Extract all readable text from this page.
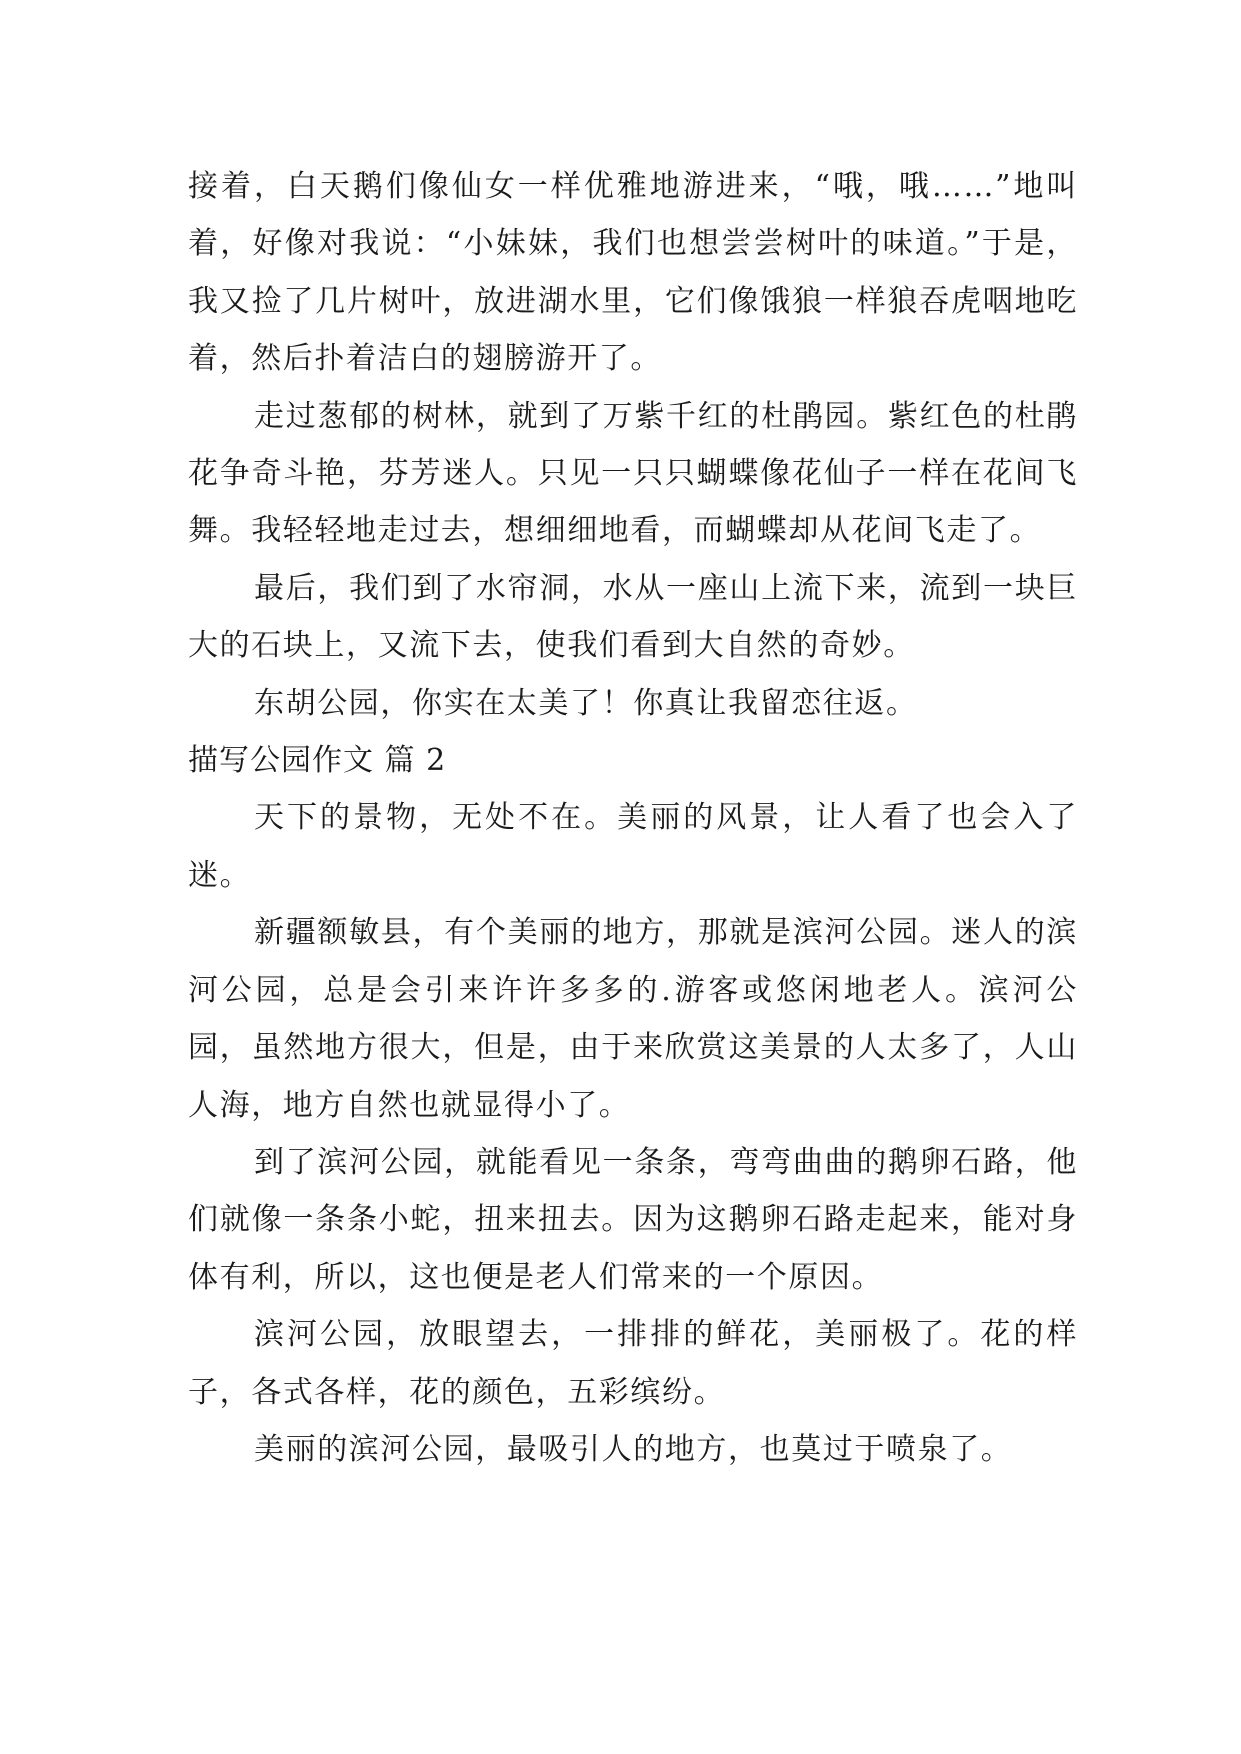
接着，白天鹅们像仙女一样优雅地游进来，“哦，哦……”地叫着，好像对我说：“小妹妹，我们也想尝尝树叶的味道。”于是，我又捡了几片树叶，放进湖水里，它们像饿狼一样狼吞虎咽地吃着，然后扑着洁白的翅膀游开了。

走过葱郁的树林，就到了万紫千红的杜鹃园。紫红色的杜鹃花争奇斗艳，芬芳迷人。只见一只只蝴蝶像花仙子一样在花间飞舞。我轻轻地走过去，想细细地看，而蝴蝶却从花间飞走了。

最后，我们到了水帘洞，水从一座山上流下来，流到一块巨大的石块上，又流下去，使我们看到大自然的奇妙。

东胡公园，你实在太美了！你真让我留恋往返。

描写公园作文 篇 2

天下的景物，无处不在。美丽的风景，让人看了也会入了迷。

新疆额敏县，有个美丽的地方，那就是滨河公园。迷人的滨河公园，总是会引来许许多多的.游客或悠闲地老人。滨河公园，虽然地方很大，但是，由于来欣赏这美景的人太多了，人山人海，地方自然也就显得小了。

到了滨河公园，就能看见一条条，弯弯曲曲的鹅卵石路，他们就像一条条小蛇，扭来扭去。因为这鹅卵石路走起来，能对身体有利，所以，这也便是老人们常来的一个原因。

滨河公园，放眼望去，一排排的鲜花，美丽极了。花的样子，各式各样，花的颜色，五彩缤纷。

美丽的滨河公园，最吸引人的地方，也莫过于喷泉了。
